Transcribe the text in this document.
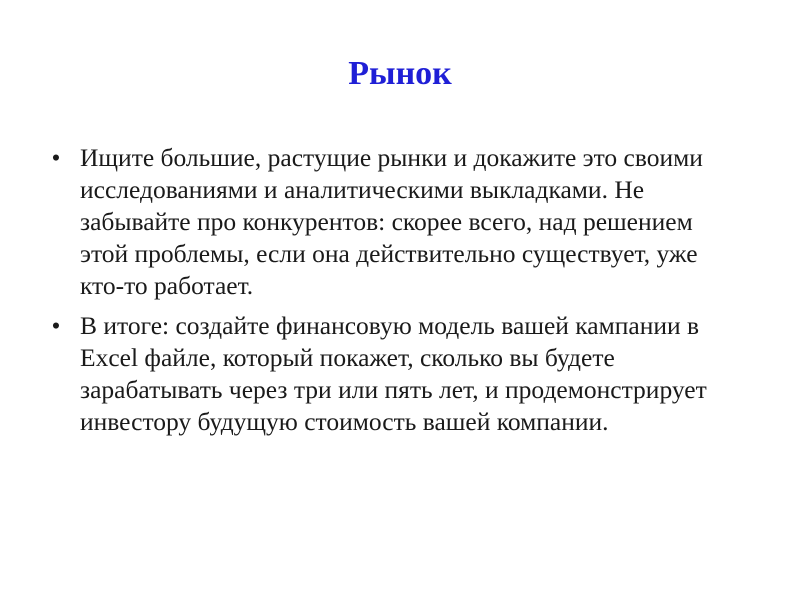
Рынок
• Ищите большие, растущие рынки и докажите это своими исследованиями и аналитическими выкладками. Не забывайте про конкурентов: скорее всего, над решением этой проблемы, если она действительно существует, уже кто-то работает.
• В итоге: создайте финансовую модель вашей кампании в Excel файле, который покажет, сколько вы будете зарабатывать через три или пять лет, и продемонстрирует инвестору будущую стоимость вашей компании.
